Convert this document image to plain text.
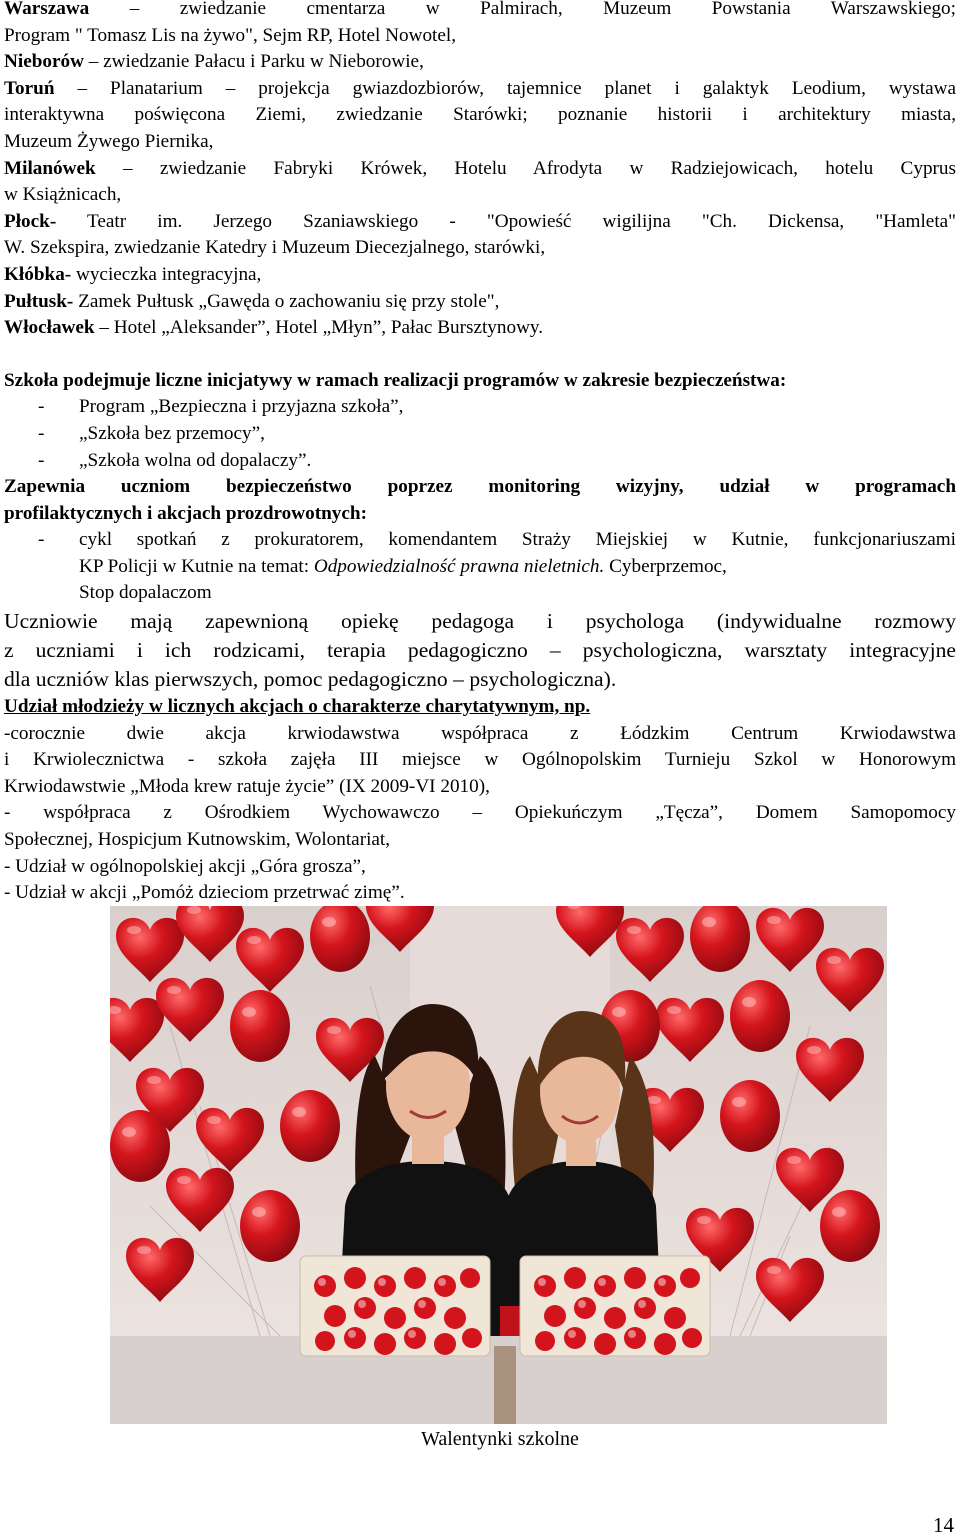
Warszawa – zwiedzanie cmentarza w Palmirach, Muzeum Powstania Warszawskiego;
Program " Tomasz Lis na żywo", Sejm RP, Hotel Nowotel,

Nieborów – zwiedzanie Pałacu i Parku w Nieborowie,

Toruń – Planatarium – projekcja gwiazdozbiorów, tajemnice planet i galaktyk Leodium, wystawa
interaktywna poświęcona Ziemi, zwiedzanie Starówki; poznanie historii i architektury miasta,
Muzeum Żywego Piernika,

Milanówek – zwiedzanie Fabryki Krówek, Hotelu Afrodyta w Radziejowicach, hotelu Cyprus
w Książnicach,

Płock- Teatr im. Jerzego Szaniawskiego - "Opowieść wigilijna "Ch. Dickensa, "Hamleta"
W. Szekspira, zwiedzanie Katedry i Muzeum Diecezjalnego, starówki,

Kłóbka- wycieczka integracyjna,

Pułtusk- Zamek Pułtusk „Gawęda o zachowaniu się przy stole",

Włocławek – Hotel „Aleksander”, Hotel „Młyn”, Pałac Bursztynowy.

Szkoła podejmuje liczne inicjatywy w ramach realizacji programów w zakresie bezpieczeństwa:

-	Program „Bezpieczna i przyjazna szkoła”,
-	„Szkoła bez przemocy”,
-	„Szkoła wolna od dopalaczy”.

Zapewnia uczniom bezpieczeństwo poprzez monitoring wizyjny, udział w programach
profilaktycznych i akcjach prozdrowotnych:

-	cykl spotkań z prokuratorem, komendantem Straży Miejskiej w Kutnie, funkcjonariuszami
KP Policji w Kutnie na temat: Odpowiedzialność prawna nieletnich. Cyberprzemoc,
Stop dopalaczom

Uczniowie mają zapewnioną opiekę pedagoga i psychologa (indywidualne rozmowy
z uczniami i ich rodzicami, terapia pedagogiczno – psychologiczna, warsztaty integracyjne
dla uczniów klas pierwszych, pomoc pedagogiczno – psychologiczna).

Udział młodzieży w licznych akcjach o charakterze charytatywnym, np.
-corocznie dwie akcja krwiodawstwa współpraca z Łódzkim Centrum Krwiodawstwa
i Krwiolecznictwa - szkoła zajęła III miejsce w Ogólnopolskim Turnieju Szkol w Honorowym
Krwiodawstwie „Młoda krew ratuje życie” (IX 2009-VI 2010),
- współpraca z Ośrodkiem Wychowawczo – Opiekuńczym „Tęcza”, Domem Samopomocy
Społecznej, Hospicjum Kutnowskim, Wolontariat,
- Udział w ogólnopolskiej akcji „Góra grosza”,
- Udział w akcji „Pomóż dzieciom przetrwać zimę”.

Walentynki szkolne
14
